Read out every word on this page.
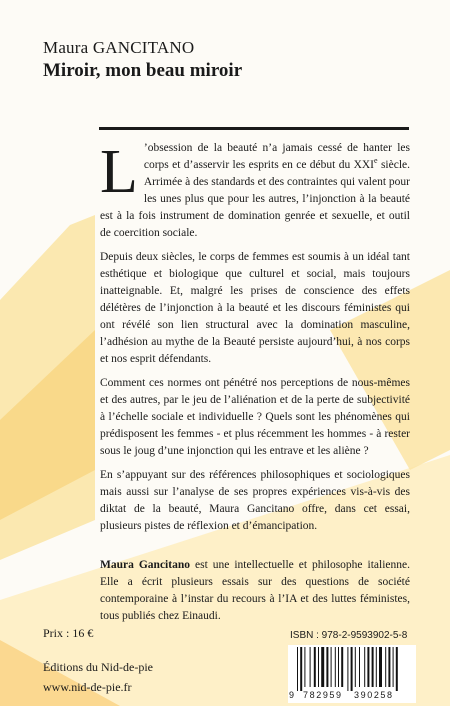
Maura GANCITANO
Miroir, mon beau miroir

L ’obsession de la beauté n’a jamais cessé de hanter les corps et d’asservir les esprits en ce début du XXIe siècle. Arrimée à des standards et des contraintes qui valent pour les unes plus que pour les autres, l’injonction à la beauté est à la fois instrument de domination genrée et sexuelle, et outil de coercition sociale.

Depuis deux siècles, le corps de femmes est soumis à un idéal tant esthétique et biologique que culturel et social, mais toujours inatteignable. Et, malgré les prises de conscience des effets délétères de l’injonction à la beauté et les discours féministes qui ont révélé son lien structural avec la domination masculine, l’adhésion au mythe de la Beauté persiste aujourd’hui, à nos corps et nos esprit défendants.

Comment ces normes ont pénétré nos perceptions de nous-mêmes et des autres, par le jeu de l’aliénation et de la perte de subjectivité à l’échelle sociale et individuelle ? Quels sont les phénomènes qui prédisposent les femmes - et plus récemment les hommes - à rester sous le joug d’une injonction qui les entrave et les aliène ?

En s’appuyant sur des références philosophiques et sociologiques mais aussi sur l’analyse de ses propres expériences vis-à-vis des diktat de la beauté, Maura Gancitano offre, dans cet essai, plusieurs pistes de réflexion et d’émancipation.

Maura Gancitano est une intellectuelle et philosophe italienne. Elle a écrit plusieurs essais sur des questions de société contemporaine à l’instar du recours à l’IA et des luttes féministes, tous publiés chez Einaudi.

Prix : 16 €
Éditions du Nid-de-pie
www.nid-de-pie.fr
ISBN : 978-2-9593902-5-8
9 782959 390258
